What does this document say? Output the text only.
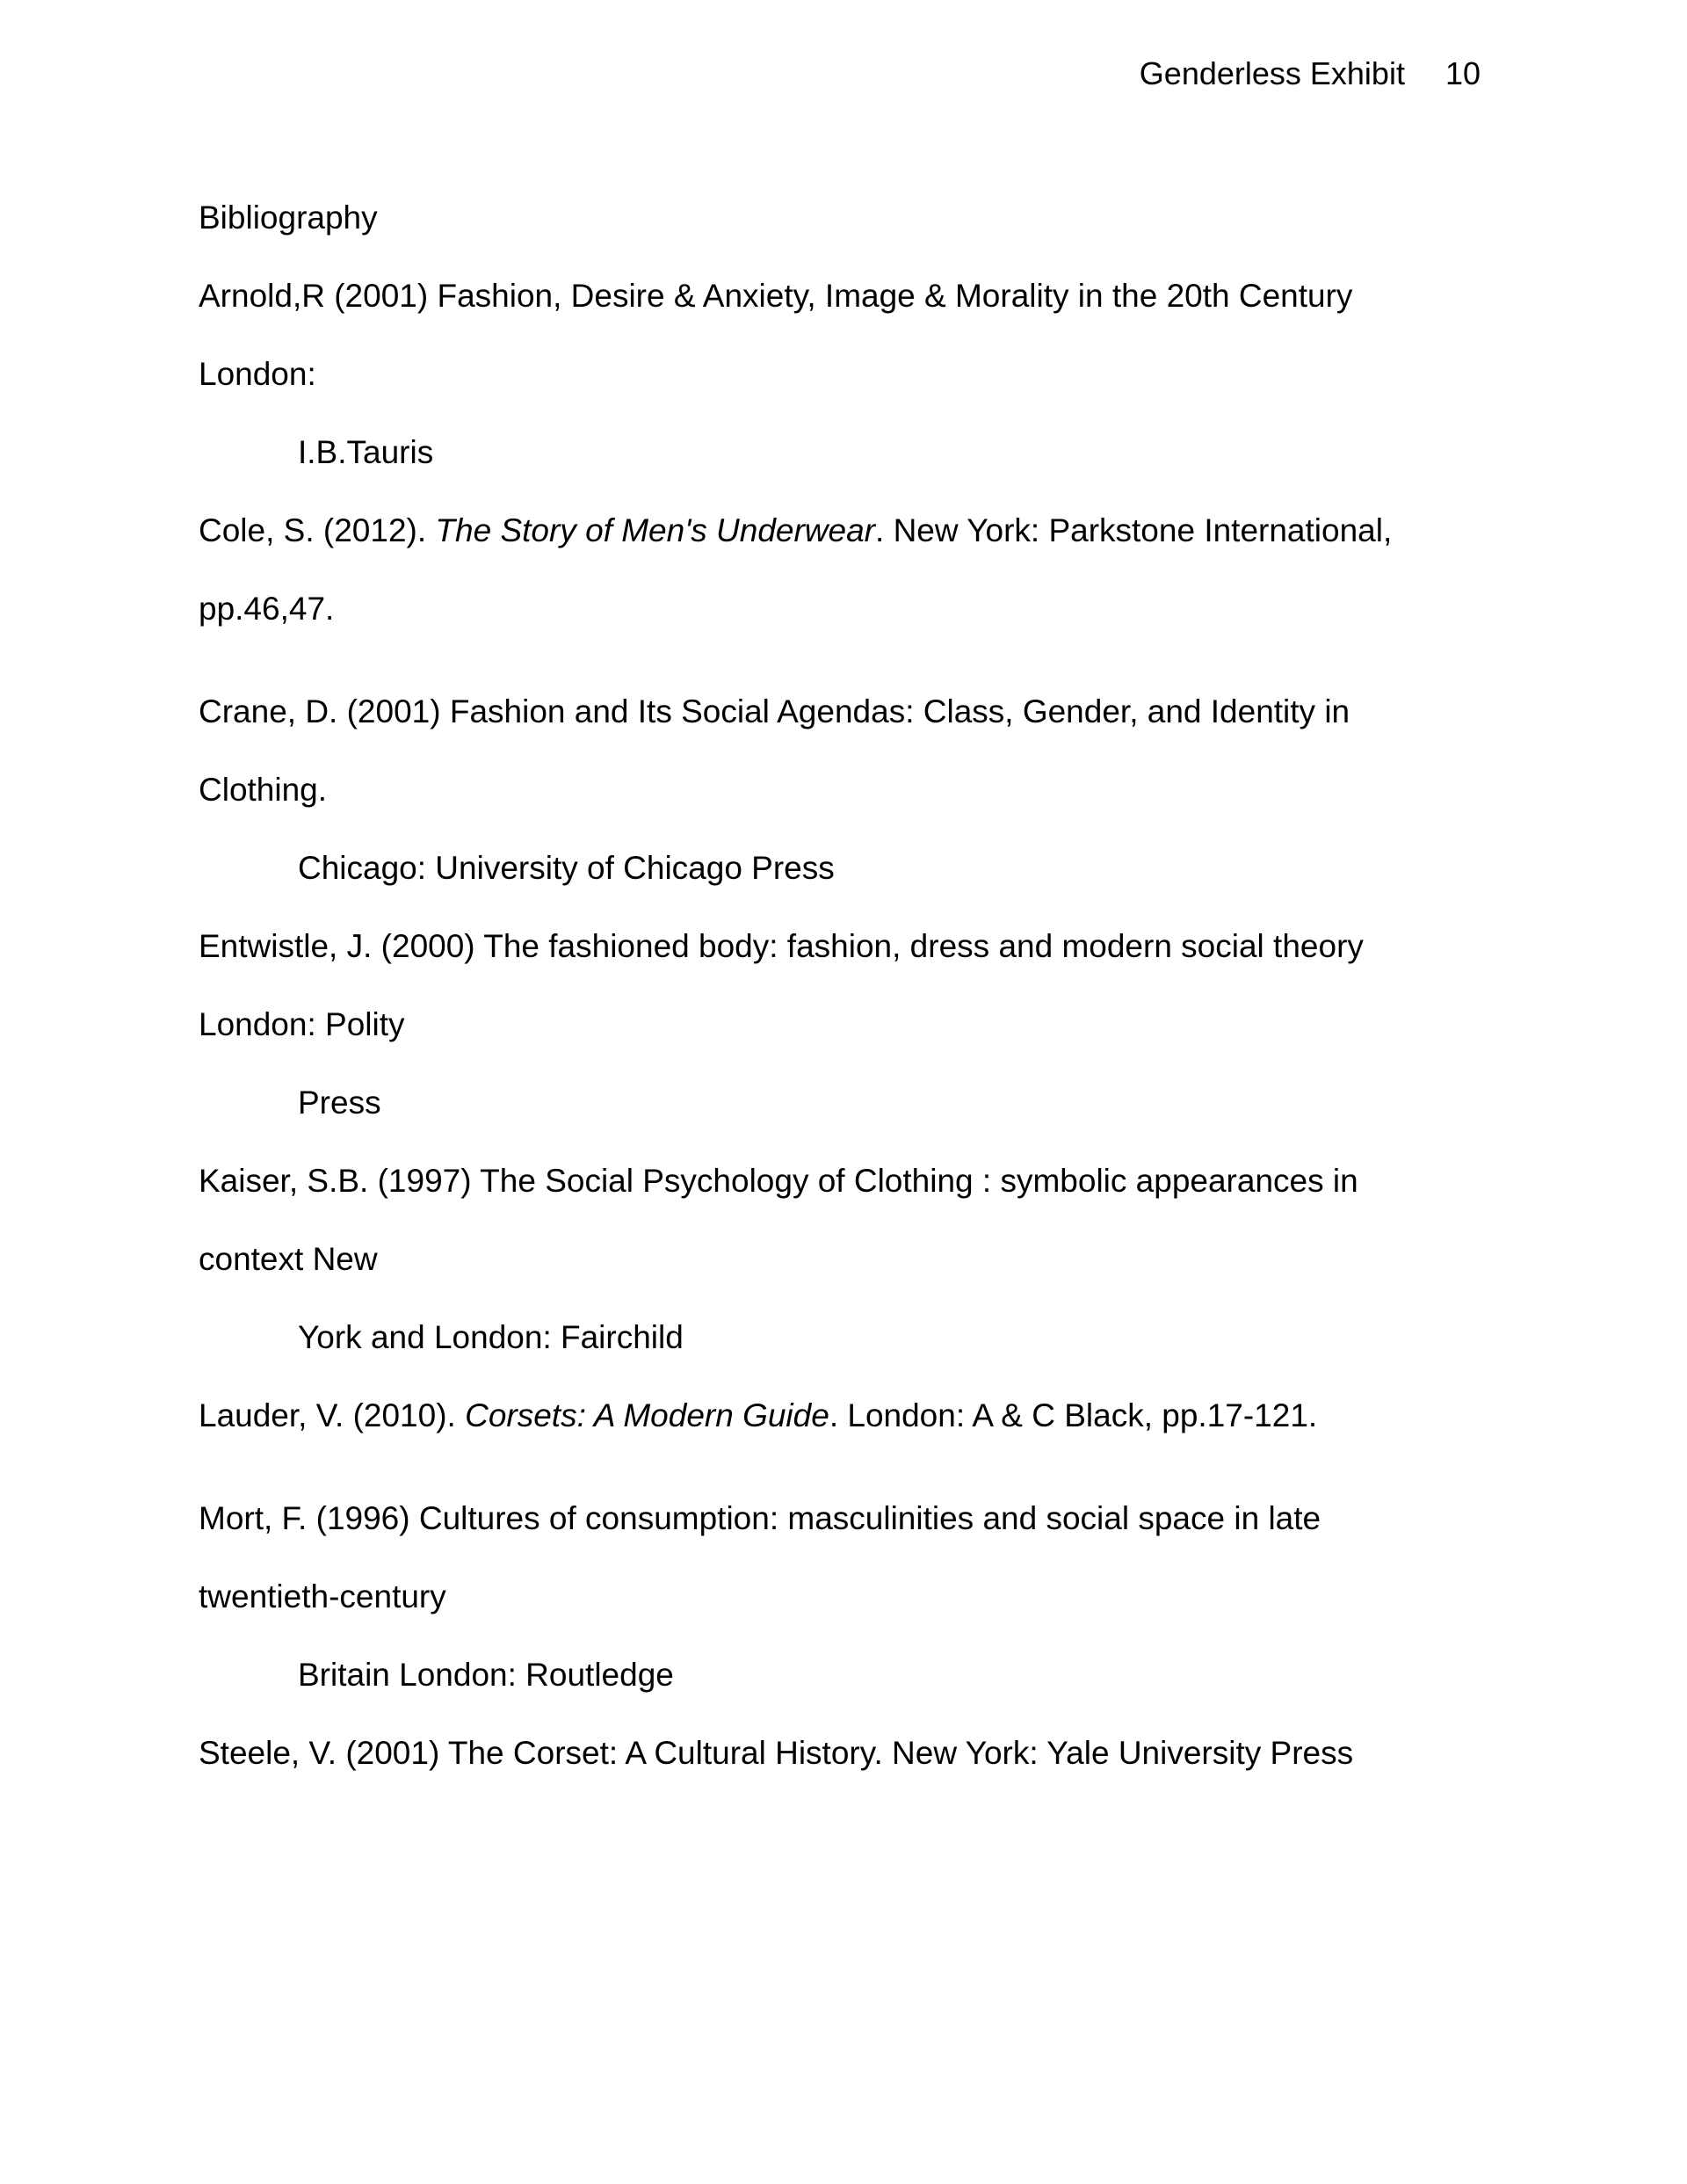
Genderless Exhibit 10
Bibliography
Arnold,R (2001) Fashion, Desire & Anxiety, Image & Morality in the 20th Century
London:
I.B.Tauris
Cole, S. (2012). The Story of Men's Underwear. New York: Parkstone International,
pp.46,47.
Crane, D. (2001) Fashion and Its Social Agendas: Class, Gender, and Identity in
Clothing.
Chicago: University of Chicago Press
Entwistle, J. (2000) The fashioned body: fashion, dress and modern social theory
London: Polity
Press
Kaiser, S.B. (1997) The Social Psychology of Clothing : symbolic appearances in
context New
York and London: Fairchild
Lauder, V. (2010). Corsets: A Modern Guide. London: A & C Black, pp.17-121.
Mort, F. (1996) Cultures of consumption: masculinities and social space in late
twentieth-century
Britain London: Routledge
Steele, V. (2001) The Corset: A Cultural History. New York: Yale University Press
